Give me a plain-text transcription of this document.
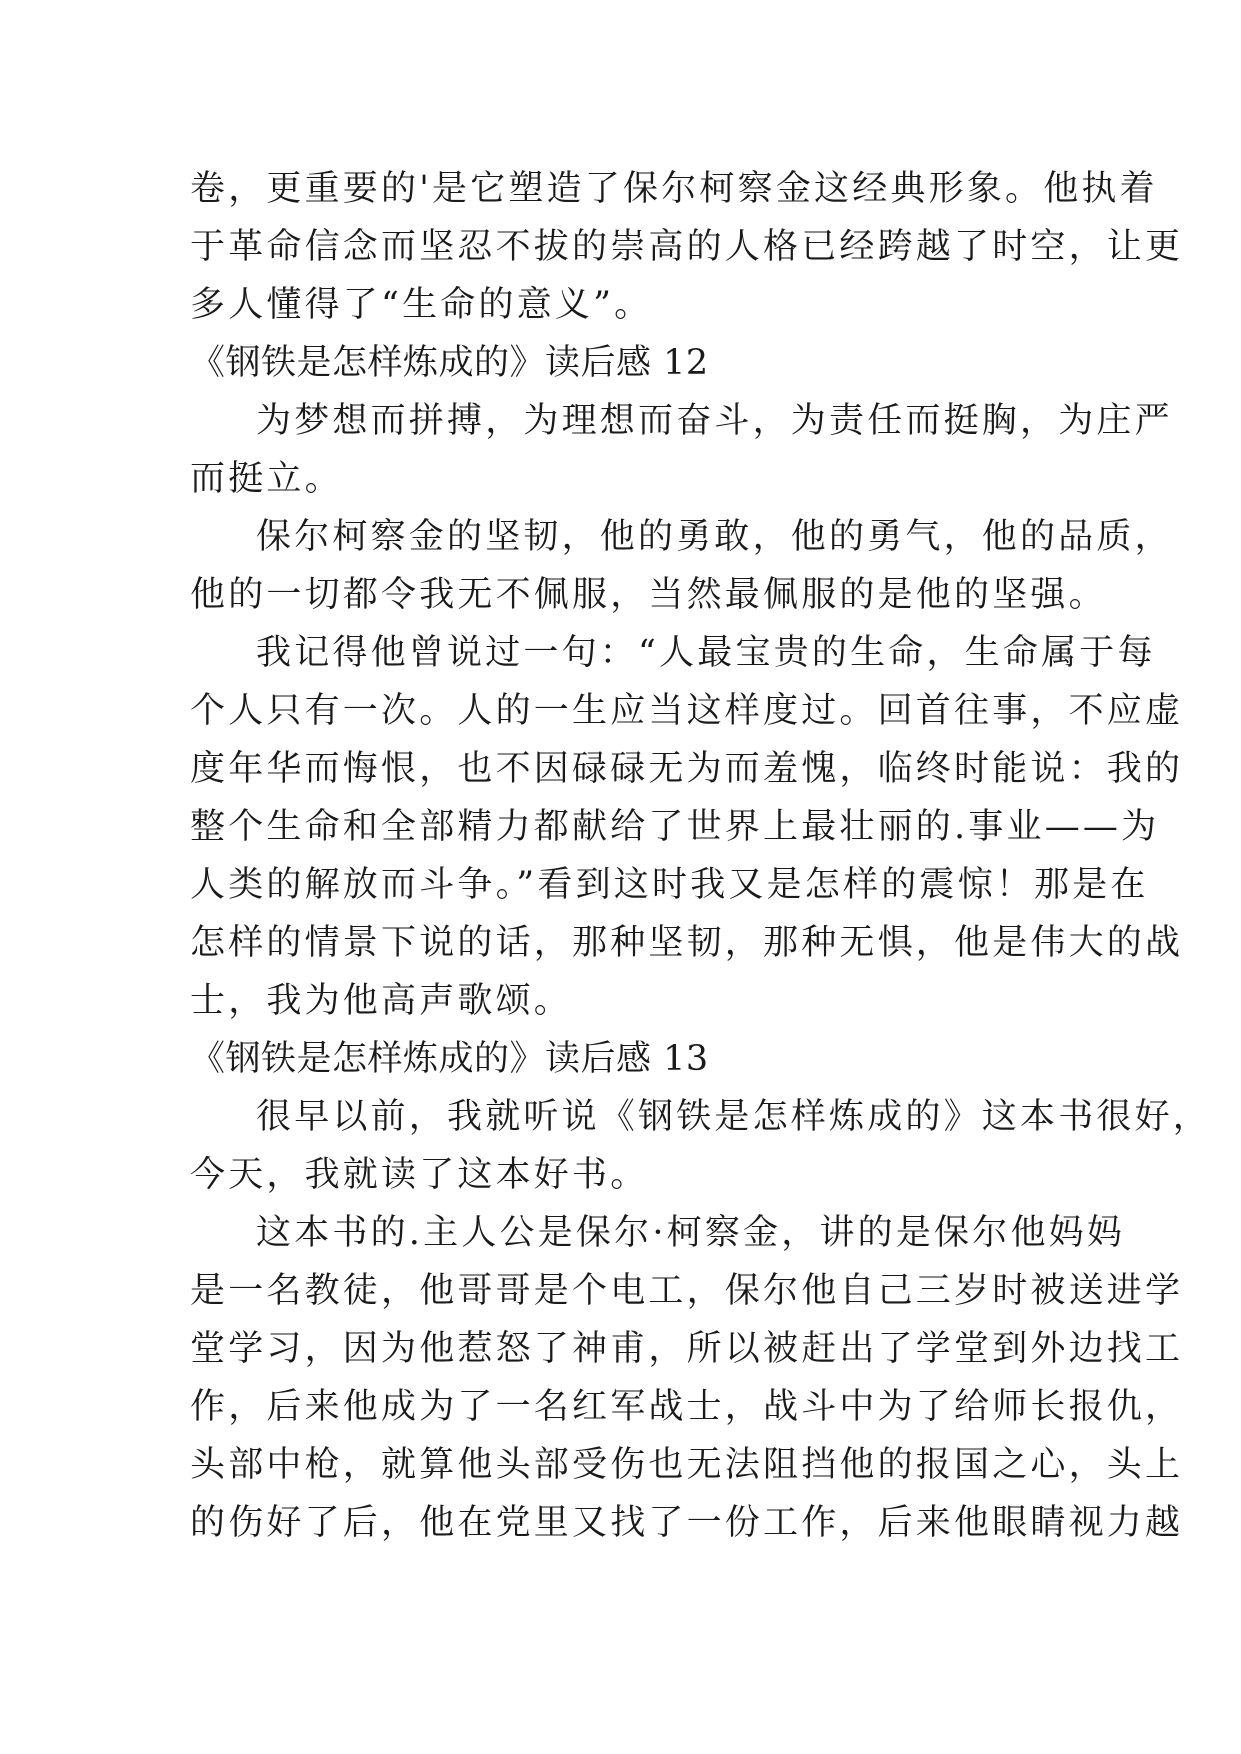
卷，更重要的'是它塑造了保尔柯察金这经典形象。他执着
于革命信念而坚忍不拔的崇高的人格已经跨越了时空，让更
多人懂得了“生命的意义”。
《钢铁是怎样炼成的》读后感 12
为梦想而拼搏，为理想而奋斗，为责任而挺胸，为庄严
而挺立。
保尔柯察金的坚韧，他的勇敢，他的勇气，他的品质，
他的一切都令我无不佩服，当然最佩服的是他的坚强。
我记得他曾说过一句：“人最宝贵的生命，生命属于每
个人只有一次。人的一生应当这样度过。回首往事，不应虚
度年华而悔恨，也不因碌碌无为而羞愧，临终时能说：我的
整个生命和全部精力都献给了世界上最壮丽的.事业——为
人类的解放而斗争。”看到这时我又是怎样的震惊！那是在
怎样的情景下说的话，那种坚韧，那种无惧，他是伟大的战
士，我为他高声歌颂。
《钢铁是怎样炼成的》读后感 13
很早以前，我就听说《钢铁是怎样炼成的》这本书很好，
今天，我就读了这本好书。
这本书的.主人公是保尔·柯察金，讲的是保尔他妈妈
是一名教徒，他哥哥是个电工，保尔他自己三岁时被送进学
堂学习，因为他惹怒了神甫，所以被赶出了学堂到外边找工
作，后来他成为了一名红军战士，战斗中为了给师长报仇，
头部中枪，就算他头部受伤也无法阻挡他的报国之心，头上
的伤好了后，他在党里又找了一份工作，后来他眼睛视力越
